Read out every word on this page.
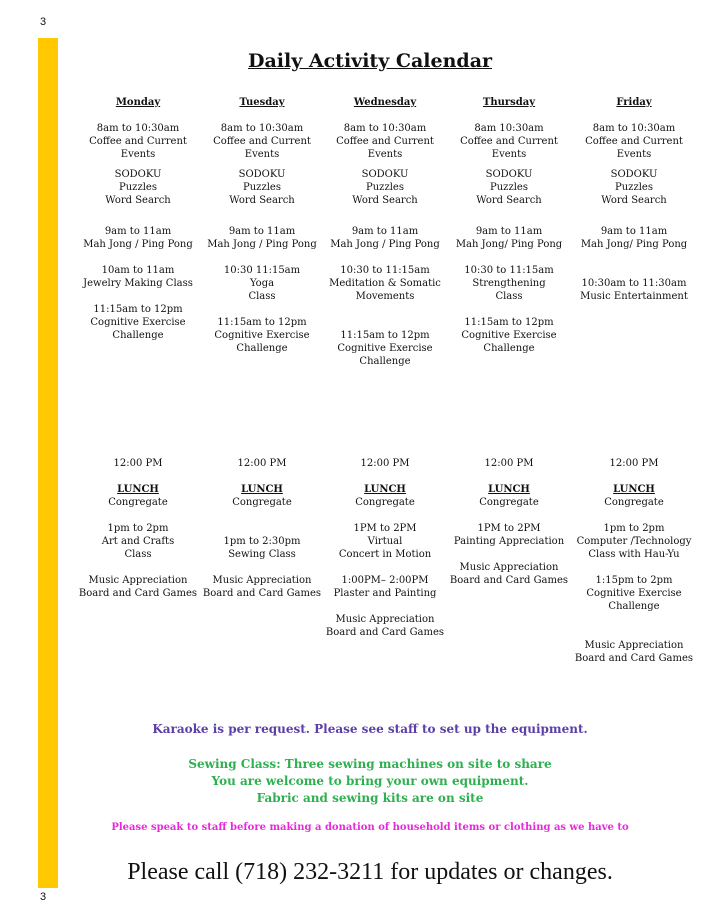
3
3
Daily Activity Calendar
Monday
8am to 10:30am
Coffee and Current
Events
SODOKU
Puzzles
Word Search
9am to 11am
Mah Jong / Ping Pong
10am to 11am
Jewelry Making Class
11:15am to 12pm
Cognitive Exercise
Challenge
12:00 PM
LUNCH
Congregate
1pm to 2pm
Art and Crafts
Class
Music Appreciation
Board and Card Games
Tuesday
8am to 10:30am
Coffee and Current
Events
SODOKU
Puzzles
Word Search
9am to 11am
Mah Jong / Ping Pong
10:30 11:15am
Yoga
Class
11:15am to 12pm
Cognitive Exercise
Challenge
12:00 PM
LUNCH
Congregate
1pm to 2:30pm
Sewing Class
Music Appreciation
Board and Card Games
Wednesday
8am to 10:30am
Coffee and Current
Events
SODOKU
Puzzles
Word Search
9am to 11am
Mah Jong / Ping Pong
10:30 to 11:15am
Meditation & Somatic
Movements
11:15am to 12pm
Cognitive Exercise
Challenge
12:00 PM
LUNCH
Congregate
1PM to 2PM
Virtual
Concert in Motion
1:00PM– 2:00PM
Plaster and Painting
Music Appreciation
Board and Card Games
Thursday
8am 10:30am
Coffee and Current
Events
SODOKU
Puzzles
Word Search
9am to 11am
Mah Jong/ Ping Pong
10:30 to 11:15am
Strengthening
Class
11:15am to 12pm
Cognitive Exercise
Challenge
12:00 PM
LUNCH
Congregate
1PM to 2PM
Painting Appreciation
Music Appreciation
Board and Card Games
Friday
8am to 10:30am
Coffee and Current
Events
SODOKU
Puzzles
Word Search
9am to 11am
Mah Jong/ Ping Pong
10:30am to 11:30am
Music Entertainment
12:00 PM
LUNCH
Congregate
1pm to 2pm
Computer /Technology
Class with Hau-Yu
1:15pm to 2pm
Cognitive Exercise
Challenge
Music Appreciation
Board and Card Games
Karaoke is per request. Please see staff to set up the equipment.
Sewing Class: Three sewing machines on site to share
You are welcome to bring your own equipment.
Fabric and sewing kits are on site
Please speak to staff before making a donation of household items or clothing as we have to
Please call (718) 232-3211 for updates or changes.
